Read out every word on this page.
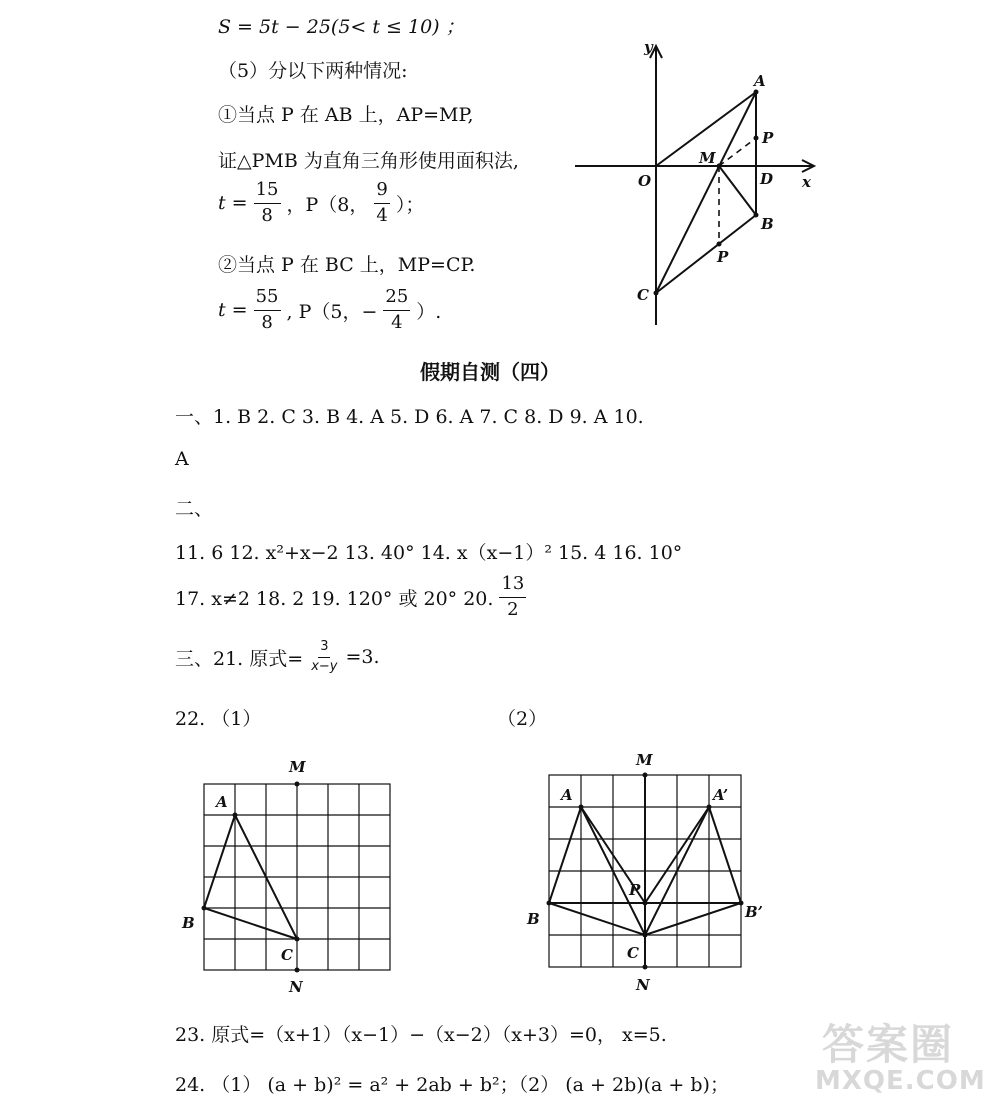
S = 5t − 25(5< t ≤ 10) ；
（5）分以下两种情况:
①当点 P 在 AB 上，AP=MP,
证△PMB 为直角三角形使用面积法,
$t = \frac{15}{8}$ ，P（8， $\frac{9}{4}$ ）；
②当点 P 在 BC 上，MP=CP.
$t = \frac{55}{8}$ , P（5，− $\frac{25}{4}$ ）.
y
x
O
A
P
M
D
B
P
C
假期自测（四）
一、1. B 2. C 3. B 4. A 5. D 6. A 7. C 8. D 9. A 10.
A
二、
11. 6 12. x²+x−2 13. 40° 14. x（x−1）² 15. 4 16. 10°
17. x≠2 18. 2 19. 120° 或 20° 20. $\frac{13}{2}$
三、21. 原式= $\frac{3}{x-y} =3$.
22. （1）	（2）
M
A
B
C
N
M
A	A’
P
B	B’
C
N
23. 原式=（x+1）（x−1）−（x−2）（x+3）=0， x=5.
24. （1） (a + b)² = a² + 2ab + b²；（2） (a + 2b)(a + b)；
答案圈
MXQE.COM
